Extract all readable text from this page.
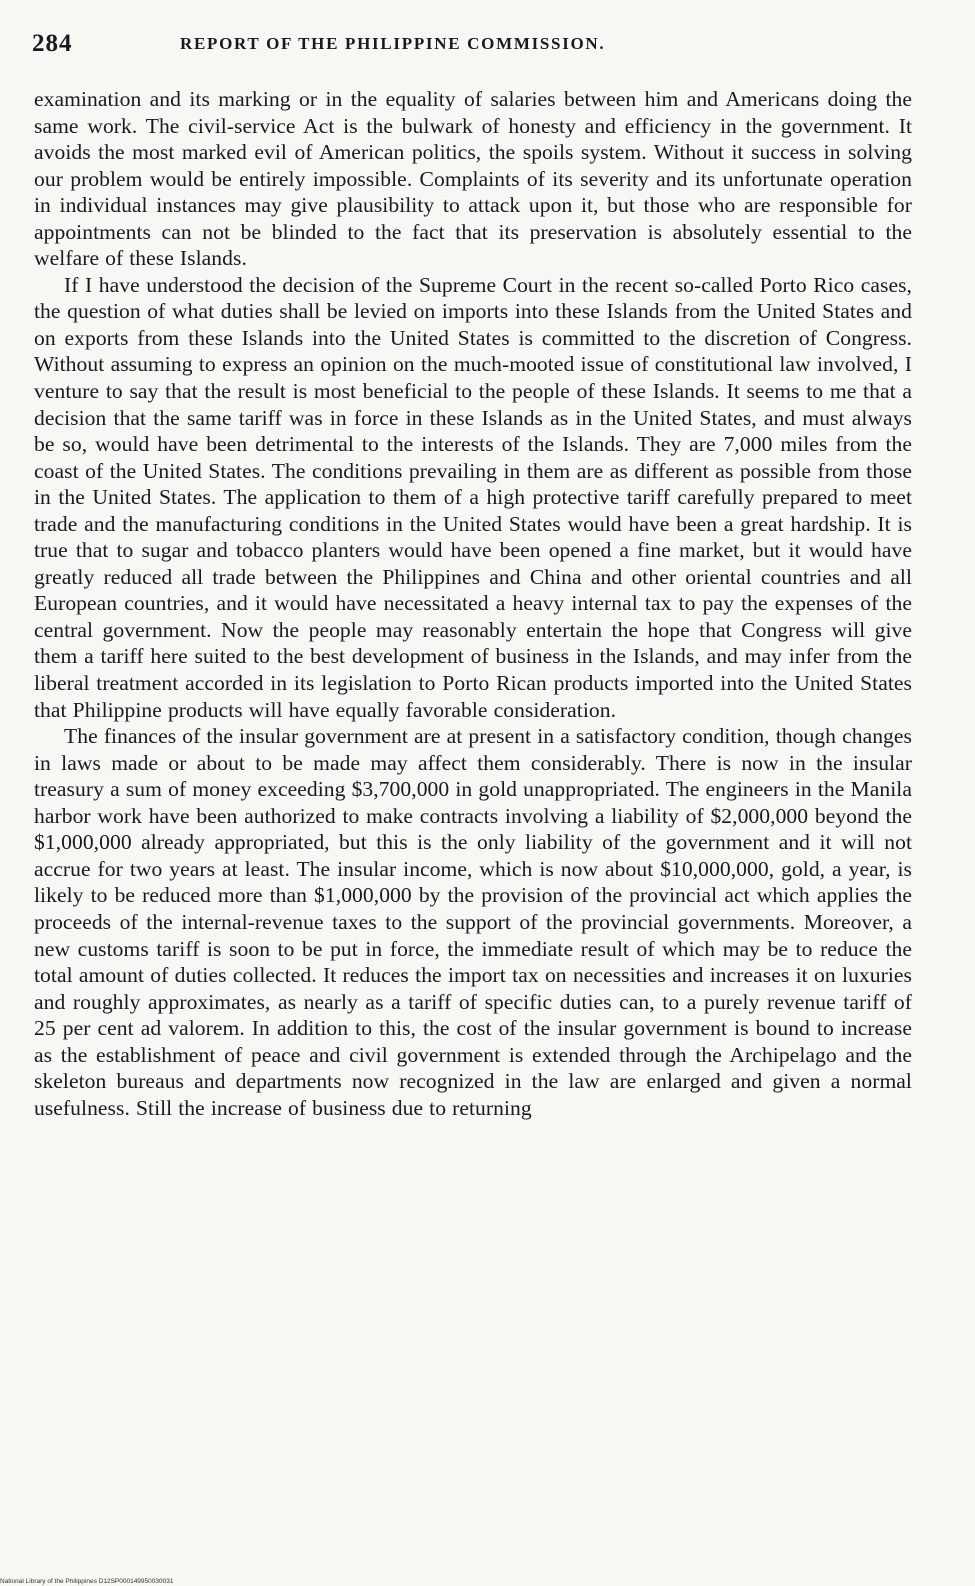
284	REPORT OF THE PHILIPPINE COMMISSION.

examination and its marking or in the equality of salaries between him and Americans doing the same work. The civil-service Act is the bulwark of honesty and efficiency in the government. It avoids the most marked evil of American politics, the spoils system. Without it success in solving our problem would be entirely impossible. Complaints of its severity and its unfortunate operation in individual instances may give plausibility to attack upon it, but those who are responsible for appointments can not be blinded to the fact that its preservation is absolutely essential to the welfare of these Islands.

If I have understood the decision of the Supreme Court in the recent so-called Porto Rico cases, the question of what duties shall be levied on imports into these Islands from the United States and on exports from these Islands into the United States is committed to the discretion of Congress. Without assuming to express an opinion on the much-mooted issue of constitutional law involved, I venture to say that the result is most beneficial to the people of these Islands. It seems to me that a decision that the same tariff was in force in these Islands as in the United States, and must always be so, would have been detrimental to the interests of the Islands. They are 7,000 miles from the coast of the United States. The conditions prevailing in them are as different as possible from those in the United States. The application to them of a high protective tariff carefully prepared to meet trade and the manufacturing conditions in the United States would have been a great hardship. It is true that to sugar and tobacco planters would have been opened a fine market, but it would have greatly reduced all trade between the Philippines and China and other oriental countries and all European countries, and it would have necessitated a heavy internal tax to pay the expenses of the central government. Now the people may reasonably entertain the hope that Congress will give them a tariff here suited to the best development of business in the Islands, and may infer from the liberal treatment accorded in its legislation to Porto Rican products imported into the United States that Philippine products will have equally favorable consideration.

The finances of the insular government are at present in a satisfactory condition, though changes in laws made or about to be made may affect them considerably. There is now in the insular treasury a sum of money exceeding $3,700,000 in gold unappropriated. The engineers in the Manila harbor work have been authorized to make contracts involving a liability of $2,000,000 beyond the $1,000,000 already appropriated, but this is the only liability of the government and it will not accrue for two years at least. The insular income, which is now about $10,000,000, gold, a year, is likely to be reduced more than $1,000,000 by the provision of the provincial act which applies the proceeds of the internal-revenue taxes to the support of the provincial governments. Moreover, a new customs tariff is soon to be put in force, the immediate result of which may be to reduce the total amount of duties collected. It reduces the import tax on necessities and increases it on luxuries and roughly approximates, as nearly as a tariff of specific duties can, to a purely revenue tariff of 25 per cent ad valorem. In addition to this, the cost of the insular government is bound to increase as the establishment of peace and civil government is extended through the Archipelago and the skeleton bureaus and departments now recognized in the law are enlarged and given a normal usefulness. Still the increase of business due to returning

National Library of the Philippines D12SP000149950030031
